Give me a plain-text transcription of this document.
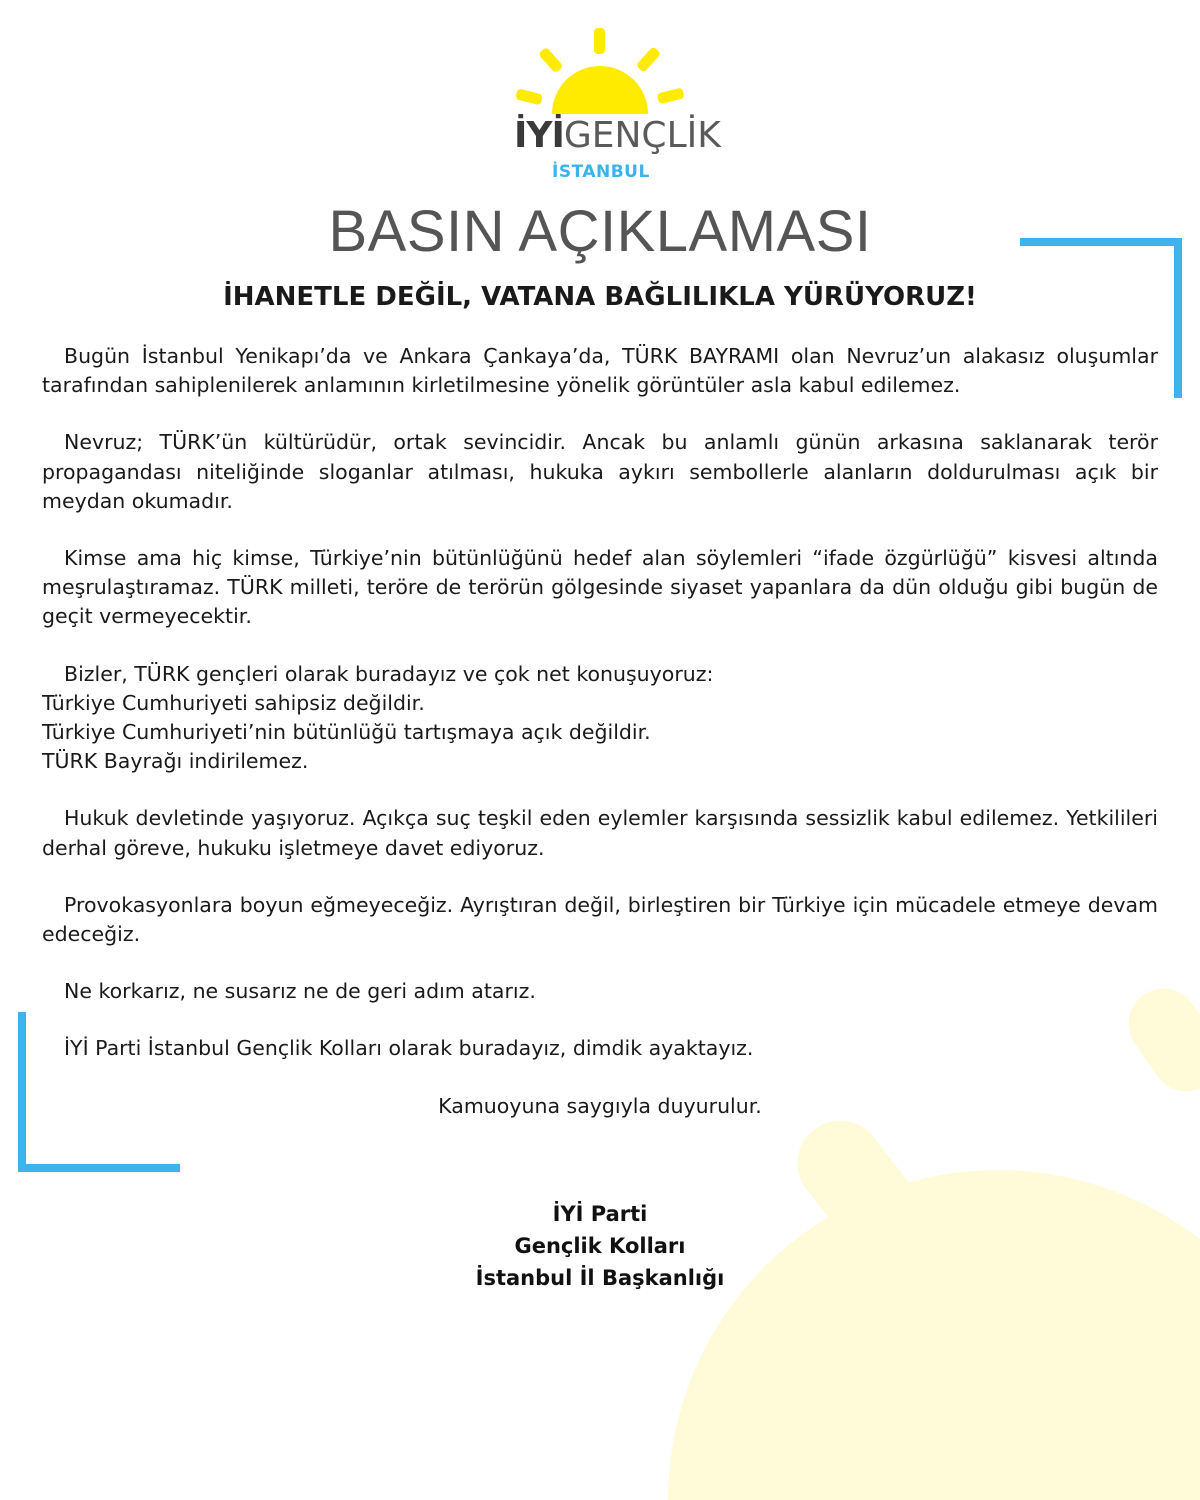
İYİGENÇLİK
İSTANBUL
BASIN AÇIKLAMASI
İHANETLE DEĞİL, VATANA BAĞLILIKLA YÜRÜYORUZ!

Bugün İstanbul Yenikapı’da ve Ankara Çankaya’da, TÜRK BAYRAMI olan Nevruz’un alakasız oluşumlar tarafından sahiplenilerek anlamının kirletilmesine yönelik görüntüler asla kabul edilemez.

Nevruz; TÜRK’ün kültürüdür, ortak sevincidir. Ancak bu anlamlı günün arkasına saklanarak terör propagandası niteliğinde sloganlar atılması, hukuka aykırı sembollerle alanların doldurulması açık bir meydan okumadır.

Kimse ama hiç kimse, Türkiye’nin bütünlüğünü hedef alan söylemleri “ifade özgürlüğü” kisvesi altında meşrulaştıramaz. TÜRK milleti, teröre de terörün gölgesinde siyaset yapanlara da dün olduğu gibi bugün de geçit vermeyecektir.

Bizler, TÜRK gençleri olarak buradayız ve çok net konuşuyoruz:
Türkiye Cumhuriyeti sahipsiz değildir.
Türkiye Cumhuriyeti’nin bütünlüğü tartışmaya açık değildir.
TÜRK Bayrağı indirilemez.

Hukuk devletinde yaşıyoruz. Açıkça suç teşkil eden eylemler karşısında sessizlik kabul edilemez. Yetkilileri derhal göreve, hukuku işletmeye davet ediyoruz.

Provokasyonlara boyun eğmeyeceğiz. Ayrıştıran değil, birleştiren bir Türkiye için mücadele etmeye devam edeceğiz.

Ne korkarız, ne susarız ne de geri adım atarız.

İYİ Parti İstanbul Gençlik Kolları olarak buradayız, dimdik ayaktayız.

Kamuoyuna saygıyla duyurulur.

İYİ Parti
Gençlik Kolları
İstanbul İl Başkanlığı
